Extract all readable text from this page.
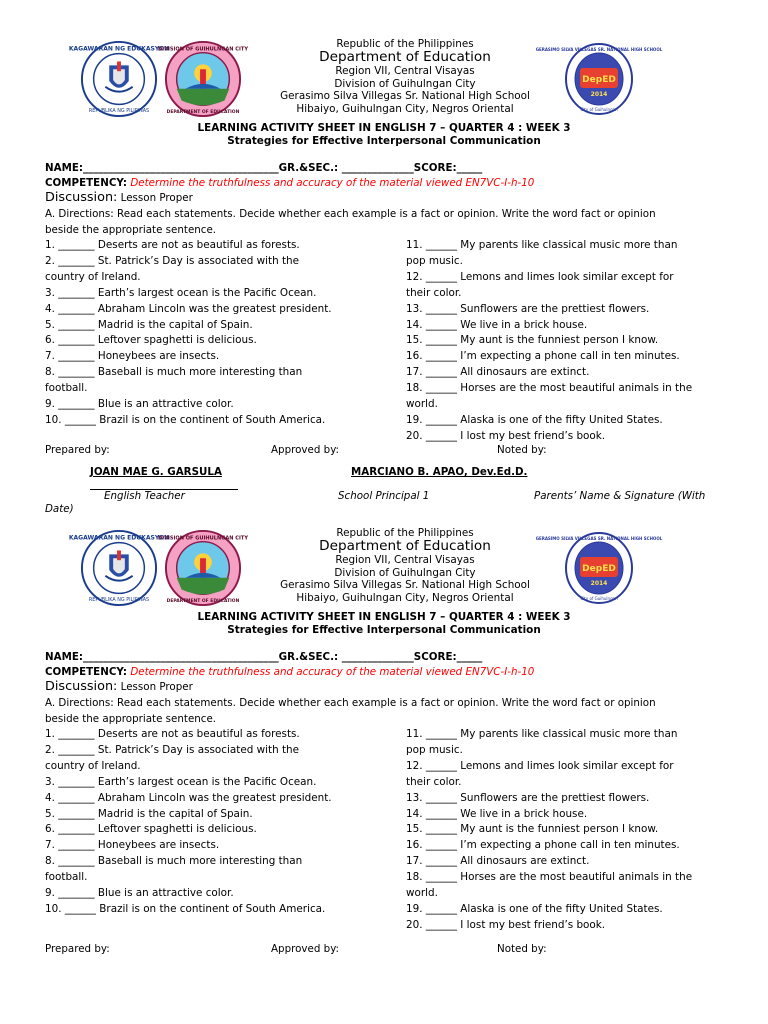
KAGAWARAN NG EDUKASYON
REPUBLIKA NG PILIPINAS
DIVISION OF GUIHULNGAN CITY
DEPARTMENT OF EDUCATION
DepED
2014
GERASIMO SILVA VILLEGAS SR. NATIONAL HIGH SCHOOL
City of Guihulngan
Republic of the Philippines
Department of Education
Region VII, Central Visayas
Division of Guihulngan City
Gerasimo Silva Villegas Sr. National High School
Hibaiyo, Guihulngan City, Negros Oriental
LEARNING ACTIVITY SHEET IN ENGLISH 7 – QUARTER 4 : WEEK 3
Strategies for Effective Interpersonal Communication
NAME:______________________________________GR.&SEC.: ______________SCORE:_____
COMPETENCY: Determine the truthfulness and accuracy of the material viewed EN7VC-I-h-10
Discussion: Lesson Proper
A. Directions: Read each statements. Decide whether each example is a fact or opinion. Write the word fact or opinion
beside the appropriate sentence.
1. _______ Deserts are not as beautiful as forests.
2. _______ St. Patrick’s Day is associated with the
country of Ireland.
3. _______ Earth’s largest ocean is the Pacific Ocean.
4. _______ Abraham Lincoln was the greatest president.
5. _______ Madrid is the capital of Spain.
6. _______ Leftover spaghetti is delicious.
7. _______ Honeybees are insects.
8. _______ Baseball is much more interesting than
football.
9. _______ Blue is an attractive color.
10. ______ Brazil is on the continent of South America.
11. ______ My parents like classical music more than
pop music.
12. ______ Lemons and limes look similar except for
their color.
13. ______ Sunflowers are the prettiest flowers.
14. ______ We live in a brick house.
15. ______ My aunt is the funniest person I know.
16. ______ I’m expecting a phone call in ten minutes.
17. ______ All dinosaurs are extinct.
18. ______ Horses are the most beautiful animals in the
world.
19. ______ Alaska is one of the fifty United States.
20. ______ I lost my best friend’s book.
Prepared by:	Approved by:	Noted by:
JOAN MAE G. GARSULA	MARCIANO B. APAO, Dev.Ed.D.
English Teacher	School Principal 1	Parents’ Name & Signature (With
Date)
KAGAWARAN NG EDUKASYON
REPUBLIKA NG PILIPINAS
DIVISION OF GUIHULNGAN CITY
DEPARTMENT OF EDUCATION
DepED
2014
GERASIMO SILVA VILLEGAS SR. NATIONAL HIGH SCHOOL
City of Guihulngan
Republic of the Philippines
Department of Education
Region VII, Central Visayas
Division of Guihulngan City
Gerasimo Silva Villegas Sr. National High School
Hibaiyo, Guihulngan City, Negros Oriental
LEARNING ACTIVITY SHEET IN ENGLISH 7 – QUARTER 4 : WEEK 3
Strategies for Effective Interpersonal Communication
NAME:______________________________________GR.&SEC.: ______________SCORE:_____
COMPETENCY: Determine the truthfulness and accuracy of the material viewed EN7VC-I-h-10
Discussion: Lesson Proper
A. Directions: Read each statements. Decide whether each example is a fact or opinion. Write the word fact or opinion
beside the appropriate sentence.
1. _______ Deserts are not as beautiful as forests.
2. _______ St. Patrick’s Day is associated with the
country of Ireland.
3. _______ Earth’s largest ocean is the Pacific Ocean.
4. _______ Abraham Lincoln was the greatest president.
5. _______ Madrid is the capital of Spain.
6. _______ Leftover spaghetti is delicious.
7. _______ Honeybees are insects.
8. _______ Baseball is much more interesting than
football.
9. _______ Blue is an attractive color.
10. ______ Brazil is on the continent of South America.
11. ______ My parents like classical music more than
pop music.
12. ______ Lemons and limes look similar except for
their color.
13. ______ Sunflowers are the prettiest flowers.
14. ______ We live in a brick house.
15. ______ My aunt is the funniest person I know.
16. ______ I’m expecting a phone call in ten minutes.
17. ______ All dinosaurs are extinct.
18. ______ Horses are the most beautiful animals in the
world.
19. ______ Alaska is one of the fifty United States.
20. ______ I lost my best friend’s book.
Prepared by:	Approved by:	Noted by:
